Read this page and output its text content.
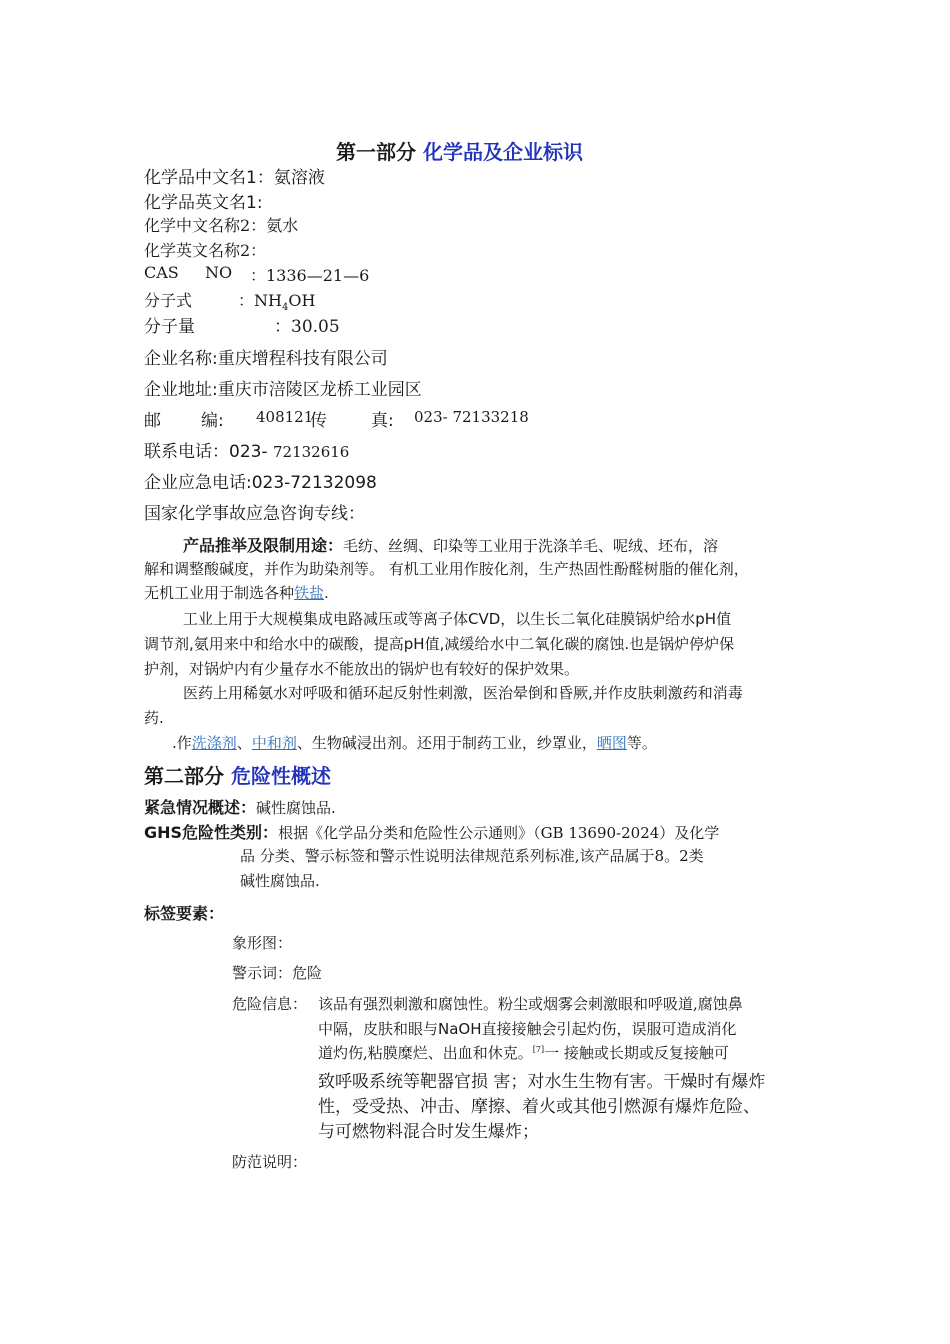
第一部分 化学品及企业标识
化学品中文名1：氨溶液
化学品英文名1:
化学中文名称2：氨水
化学英文名称2：
CAS NO ：1336—21—6
分子式	：$NH_4OH$
分子量	：30.05
企业名称:重庆增程科技有限公司
企业地址:重庆市涪陵区龙桥工业园区
邮 编: 408121
传	真: 023- 72133218
联系电话：023- 72132616
企业应急电话:023-72132098
国家化学事故应急咨询专线：
产品推举及限制用途：毛纺、丝绸、印染等工业用于洗涤羊毛、呢绒、坯布，溶
解和调整酸碱度，并作为助染剂等。 有机工业用作胺化剂，生产热固性酚醛树脂的催化剂，
无机工业用于制选各种铁盐.
工业上用于大规模集成电路减压或等离子体CVD，以生长二氧化硅膜锅炉给水pH值
调节剂,氨用来中和给水中的碳酸，提高pH值,减缓给水中二氧化碳的腐蚀.也是锅炉停炉保
护剂，对锅炉内有少量存水不能放出的锅炉也有较好的保护效果。
医药上用稀氨水对呼吸和循环起反射性刺激，医治晕倒和昏厥,并作皮肤刺激药和消毒
药.
.作洗涤剂、中和剂、生物碱浸出剂。还用于制药工业，纱罩业，晒图等。
第二部分 危险性概述
紧急情况概述：碱性腐蚀品.
GHS危险性类别：根据《化学品分类和危险性公示通则》（GB 13690-2024）及化学
品 分类、警示标签和警示性说明法律规范系列标准,该产品属于8。2类
碱性腐蚀品.
标签要素：
象形图：
警示词：危险
危险信息： 该品有强烈刺激和腐蚀性。粉尘或烟雾会刺激眼和呼吸道,腐蚀鼻
中隔，皮肤和眼与NaOH直接接触会引起灼伤，误服可造成消化
道灼伤,粘膜糜烂、出血和休克。[7]一 接触或长期或反复接触可
致呼吸系统等靶器官损 害；对水生生物有害。干燥时有爆炸
性，受受热、冲击、摩擦、着火或其他引燃源有爆炸危险、
与可燃物料混合时发生爆炸；
防范说明：
